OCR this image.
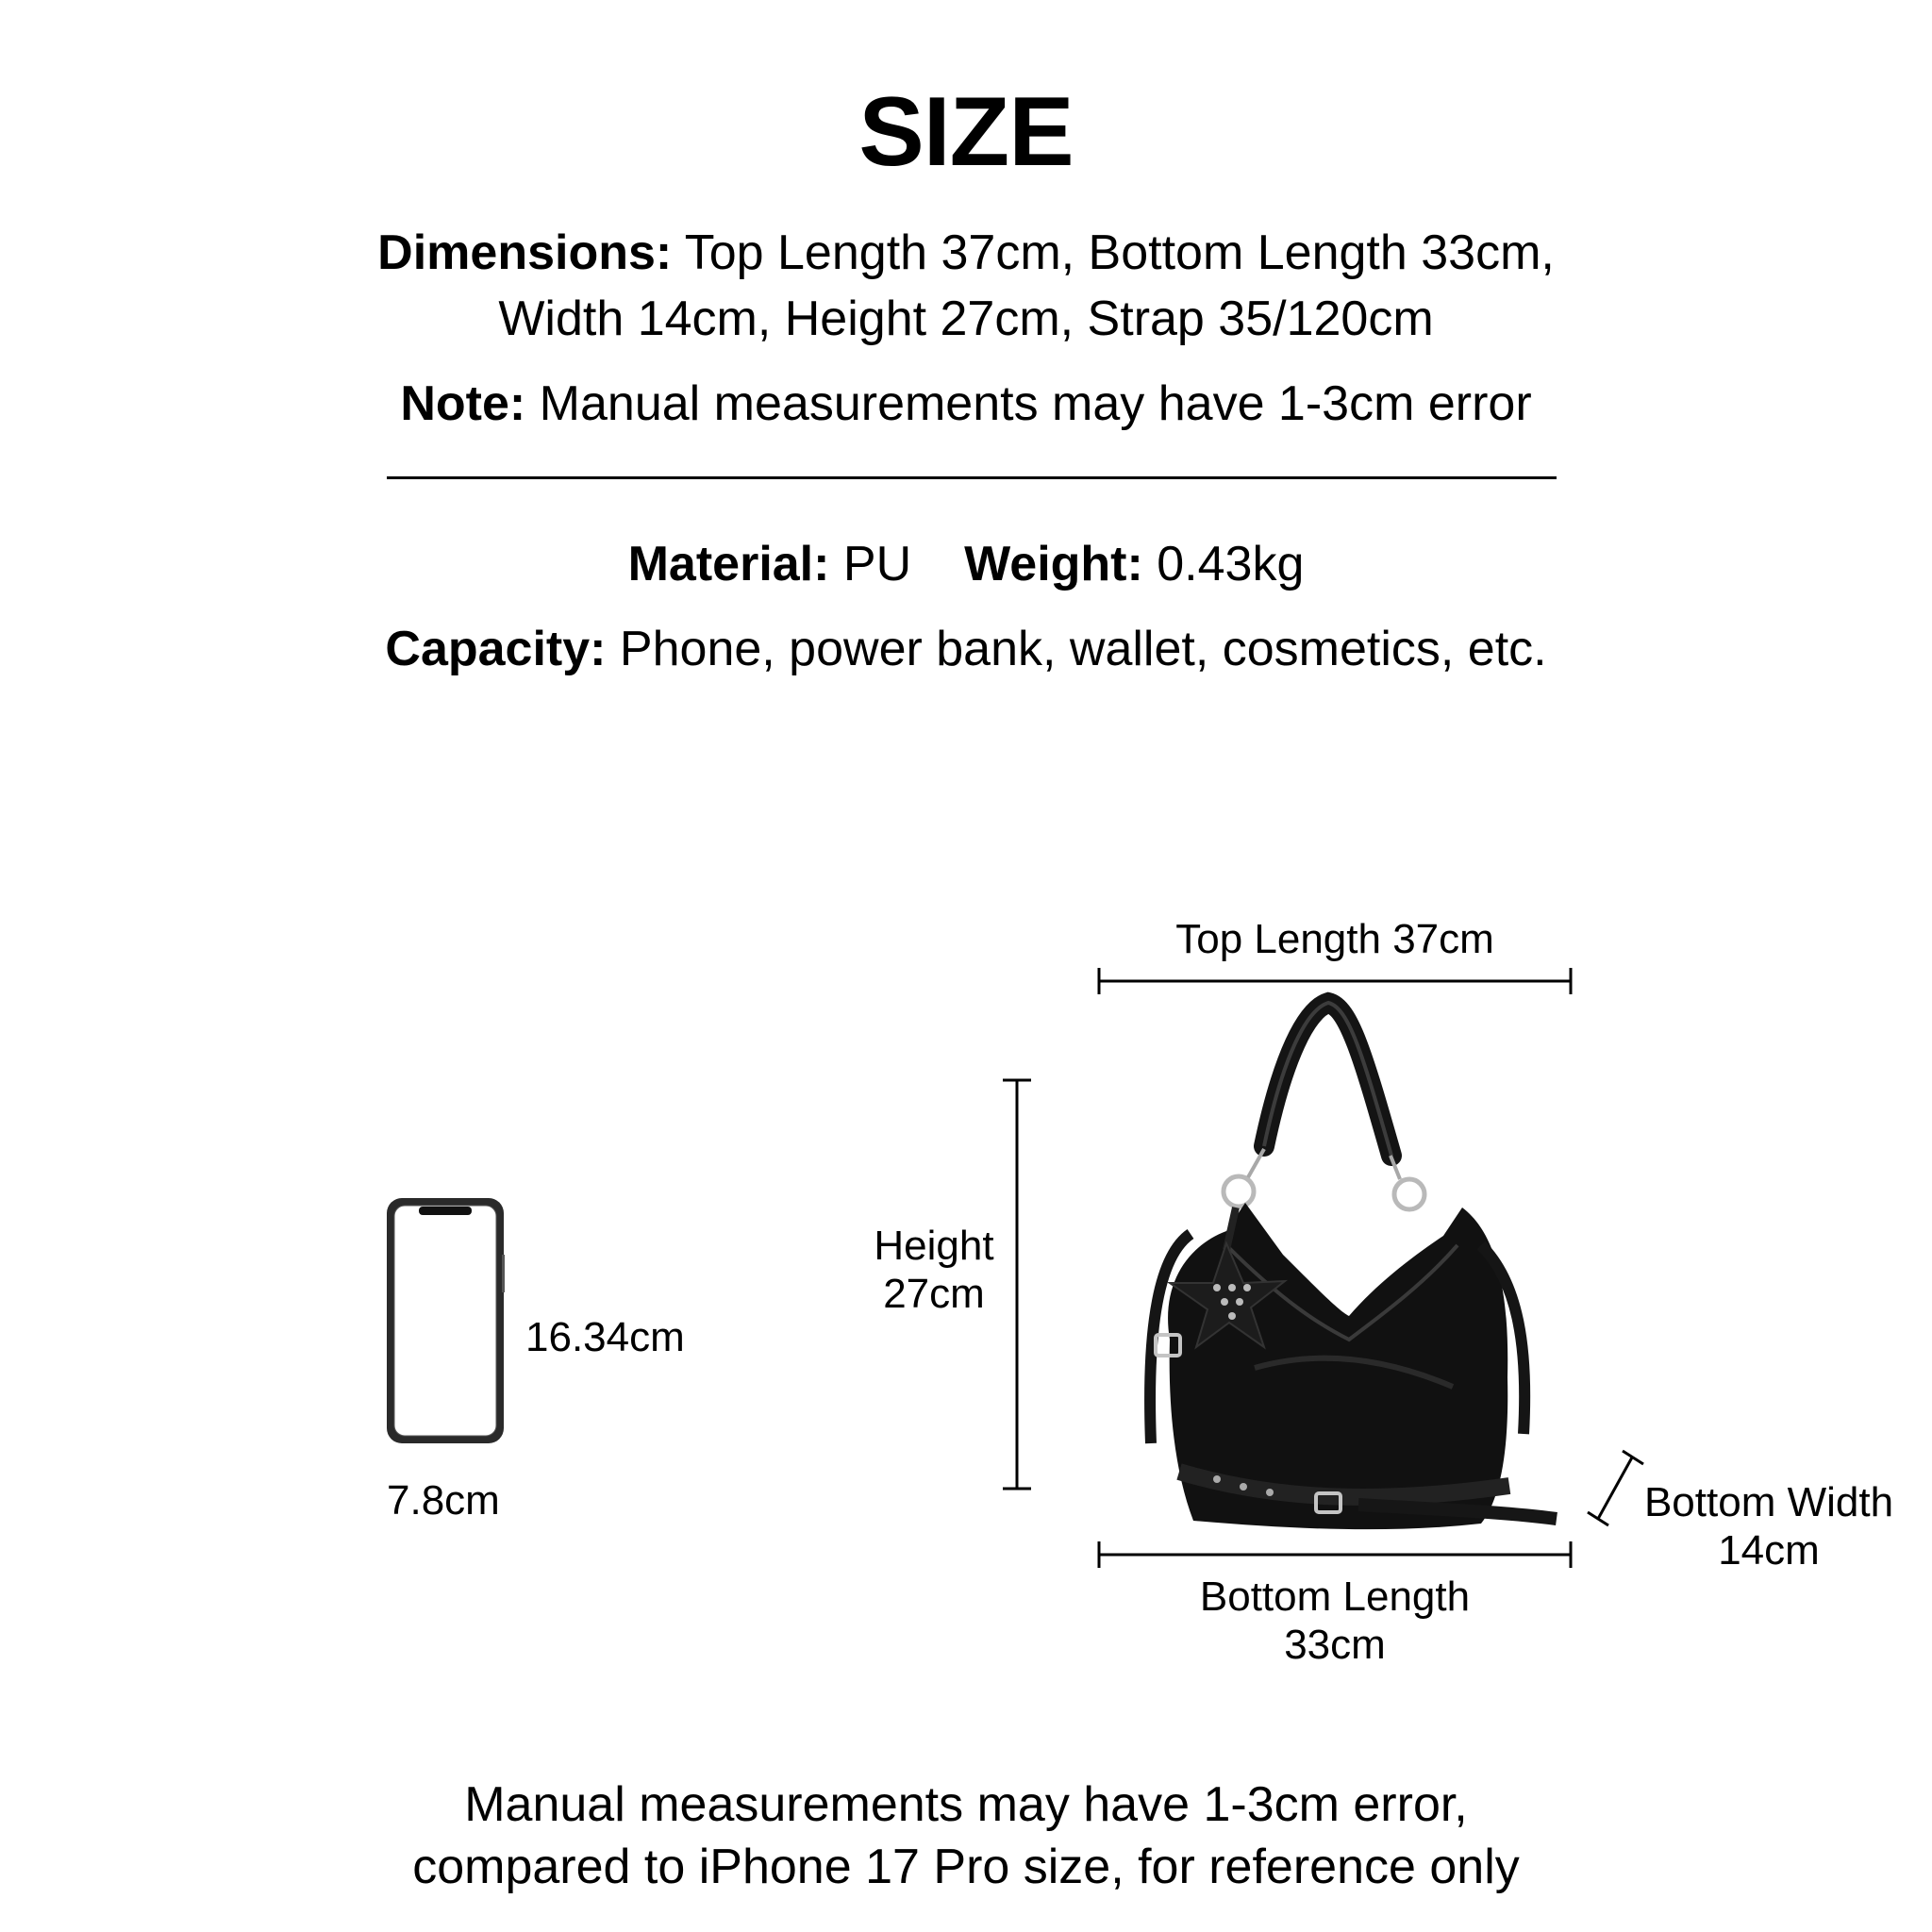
SIZE
Dimensions: Top Length 37cm, Bottom Length 33cm,
Width 14cm, Height 27cm, Strap 35/120cm
Note: Manual measurements may have 1-3cm error
Material: PU Weight: 0.43kg
Capacity: Phone, power bank, wallet, cosmetics, etc.
16.34cm
7.8cm
Top Length 37cm
Height
27cm
Bottom Length
33cm
Bottom Width
14cm
Manual measurements may have 1-3cm error,
compared to iPhone 17 Pro size, for reference only
